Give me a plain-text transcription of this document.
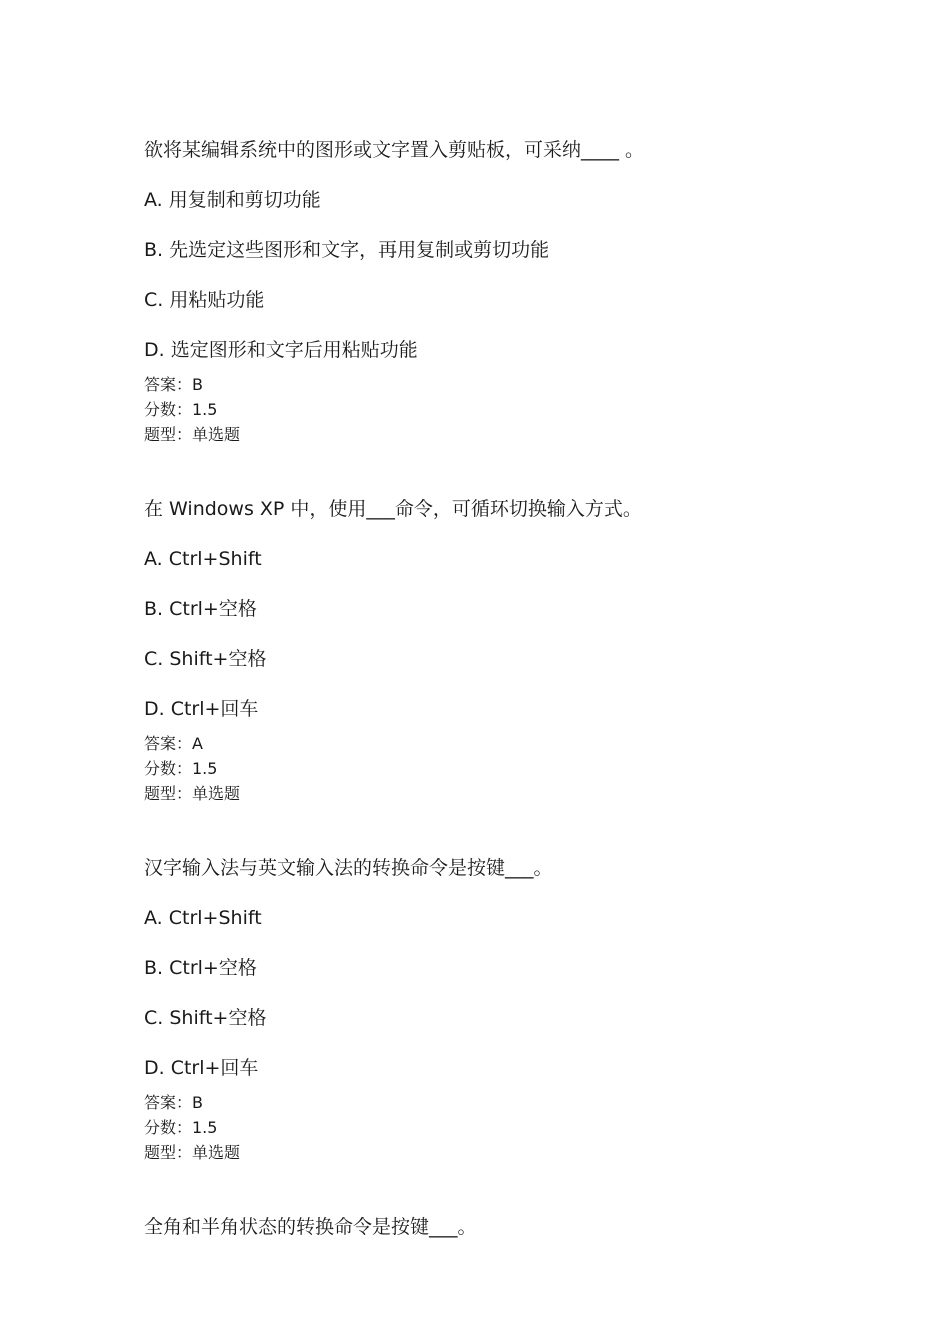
欲将某编辑系统中的图形或文字置入剪贴板，可采纳____ 。
A. 用复制和剪切功能
B. 先选定这些图形和文字，再用复制或剪切功能
C. 用粘贴功能
D. 选定图形和文字后用粘贴功能
答案：B
分数：1.5
题型：单选题
在 Windows XP 中，使用___命令，可循环切换输入方式。
A. Ctrl+Shift
B. Ctrl+空格
C. Shift+空格
D. Ctrl+回车
答案：A
分数：1.5
题型：单选题
汉字输入法与英文输入法的转换命令是按键___。
A. Ctrl+Shift
B. Ctrl+空格
C. Shift+空格
D. Ctrl+回车
答案：B
分数：1.5
题型：单选题
全角和半角状态的转换命令是按键___。
